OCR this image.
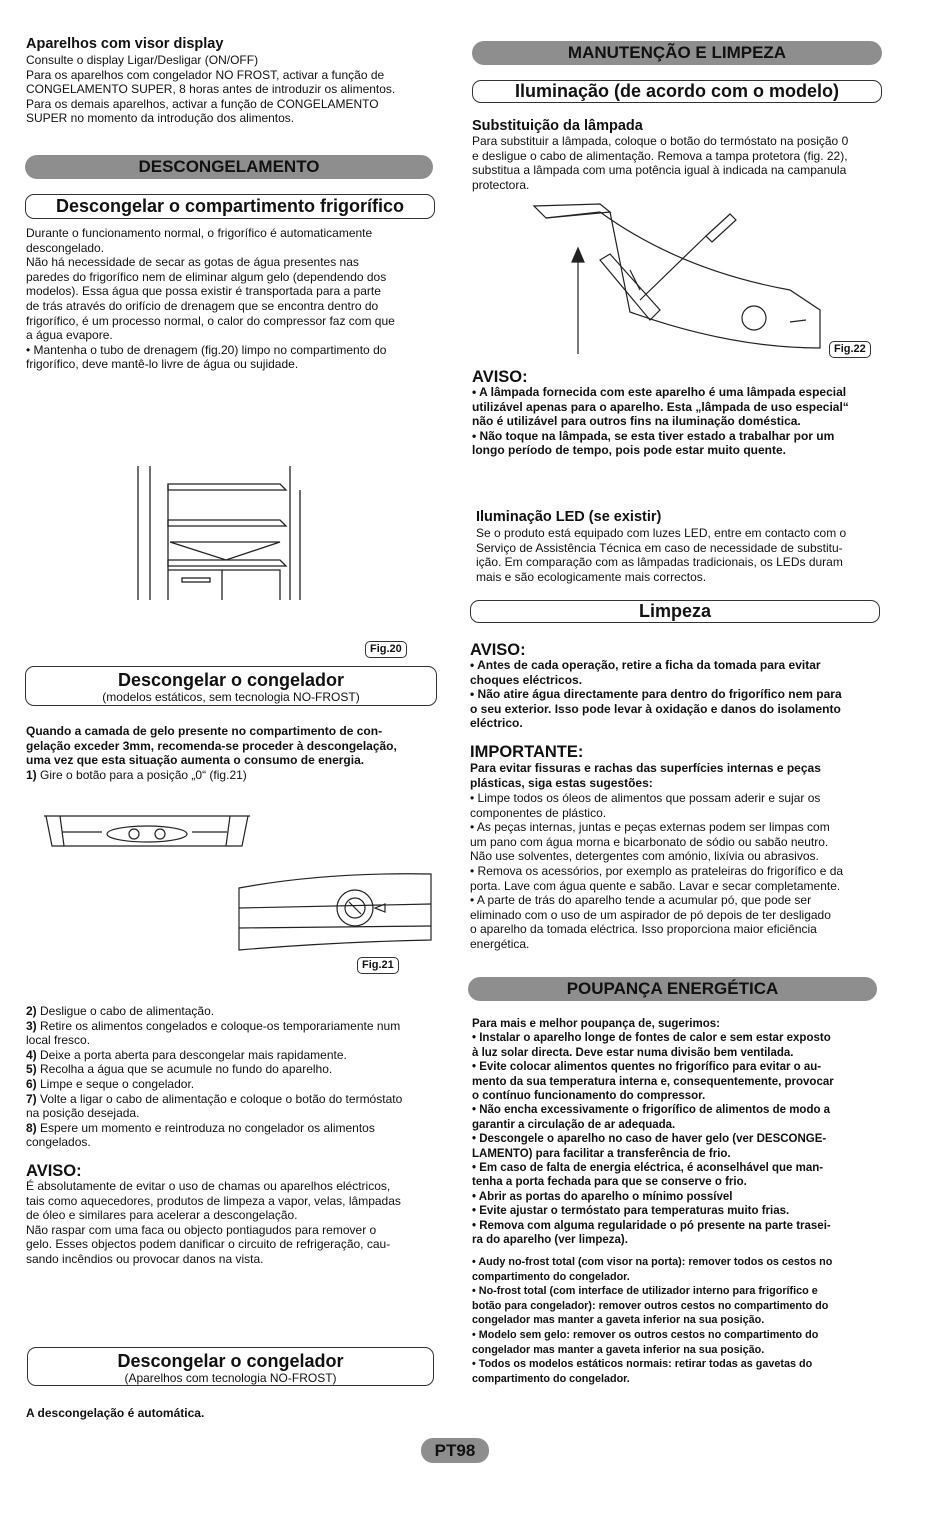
Aparelhos com visor display
Consulte o display Ligar/Desligar (ON/OFF)
Para os aparelhos com congelador NO FROST, activar a função de
CONGELAMENTO SUPER, 8 horas antes de introduzir os alimentos.
Para os demais aparelhos, activar a função de CONGELAMENTO
SUPER no momento da introdução dos alimentos.
DESCONGELAMENTO
Descongelar o compartimento frigorífico
Durante o funcionamento normal, o frigorífico é automaticamente
descongelado.
Não há necessidade de secar as gotas de água presentes nas
paredes do frigorífico nem de eliminar algum gelo (dependendo dos
modelos). Essa água que possa existir é transportada para a parte
de trás através do orifício de drenagem que se encontra dentro do
frigorífico, é um processo normal, o calor do compressor faz com que
a água evapore.
• Mantenha o tubo de drenagem (fig.20) limpo no compartimento do
frigorífico, deve mantê-lo livre de água ou sujidade.
Fig.20
Descongelar o congelador
(modelos estáticos, sem tecnologia NO-FROST)
Quando a camada de gelo presente no compartimento de con-
gelação exceder 3mm, recomenda-se proceder à descongelação,
uma vez que esta situação aumenta o consumo de energia.
1) Gire o botão para a posição „0“ (fig.21)
Fig.21
2) Desligue o cabo de alimentação.
3) Retire os alimentos congelados e coloque-os temporariamente num
local fresco.
4) Deixe a porta aberta para descongelar mais rapidamente.
5) Recolha a água que se acumule no fundo do aparelho.
6) Limpe e seque o congelador.
7) Volte a ligar o cabo de alimentação e coloque o botão do termóstato
na posição desejada.
8) Espere um momento e reintroduza no congelador os alimentos
congelados.
AVISO:
É absolutamente de evitar o uso de chamas ou aparelhos eléctricos,
tais como aquecedores, produtos de limpeza a vapor, velas, lâmpadas
de óleo e similares para acelerar a descongelação.
Não raspar com uma faca ou objecto pontiagudos para remover o
gelo. Esses objectos podem danificar o circuito de refrigeração, cau-
sando incêndios ou provocar danos na vista.
Descongelar o congelador
(Aparelhos com tecnologia NO-FROST)
A descongelação é automática.
MANUTENÇÃO E LIMPEZA
Iluminação (de acordo com o modelo)
Substituição da lâmpada
Para substituir a lâmpada, coloque o botão do termóstato na posição 0
e desligue o cabo de alimentação. Remova a tampa protetora (fig. 22),
substitua a lâmpada com uma potência igual à indicada na campanula
protectora.
Fig.22
AVISO:
• A lâmpada fornecida com este aparelho é uma lâmpada especial
utilizável apenas para o aparelho. Esta „lâmpada de uso especial“
não é utilizável para outros fins na iluminação doméstica.
• Não toque na lâmpada, se esta tiver estado a trabalhar por um
longo período de tempo, pois pode estar muito quente.
Iluminação LED (se existir)
Se o produto está equipado com luzes LED, entre em contacto com o
Serviço de Assistência Técnica em caso de necessidade de substitu-
ição. Em comparação com as lâmpadas tradicionais, os LEDs duram
mais e são ecologicamente mais correctos.
Limpeza
AVISO:
• Antes de cada operação, retire a ficha da tomada para evitar
choques eléctricos.
• Não atire água directamente para dentro do frigorífico nem para
o seu exterior. Isso pode levar à oxidação e danos do isolamento
eléctrico.
IMPORTANTE:
Para evitar fissuras e rachas das superfícies internas e peças
plásticas, siga estas sugestões:
• Limpe todos os óleos de alimentos que possam aderir e sujar os
componentes de plástico.
• As peças internas, juntas e peças externas podem ser limpas com
um pano com água morna e bicarbonato de sódio ou sabão neutro.
Não use solventes, detergentes com amónio, lixívia ou abrasivos.
• Remova os acessórios, por exemplo as prateleiras do frigorífico e da
porta. Lave com água quente e sabão. Lavar e secar completamente.
• A parte de trás do aparelho tende a acumular pó, que pode ser
eliminado com o uso de um aspirador de pó depois de ter desligado
o aparelho da tomada eléctrica. Isso proporciona maior eficiência
energética.
POUPANÇA ENERGÉTICA
Para mais e melhor poupança de, sugerimos:
• Instalar o aparelho longe de fontes de calor e sem estar exposto
à luz solar directa. Deve estar numa divisão bem ventilada.
• Evite colocar alimentos quentes no frigorífico para evitar o au-
mento da sua temperatura interna e, consequentemente, provocar
o contínuo funcionamento do compressor.
• Não encha excessivamente o frigorífico de alimentos de modo a
garantir a circulação de ar adequada.
• Descongele o aparelho no caso de haver gelo (ver DESCONGE-
LAMENTO) para facilitar a transferência de frio.
• Em caso de falta de energia eléctrica, é aconselhável que man-
tenha a porta fechada para que se conserve o frio.
• Abrir as portas do aparelho o mínimo possível
• Evite ajustar o termóstato para temperaturas muito frias.
• Remova com alguma regularidade o pó presente na parte trasei-
ra do aparelho (ver limpeza).
• Audy no-frost total (com visor na porta): remover todos os cestos no
compartimento do congelador.
• No-frost total (com interface de utilizador interno para frigorífico e
botão para congelador): remover outros cestos no compartimento do
congelador mas manter a gaveta inferior na sua posição.
• Modelo sem gelo: remover os outros cestos no compartimento do
congelador mas manter a gaveta inferior na sua posição.
• Todos os modelos estáticos normais: retirar todas as gavetas do
compartimento do congelador.
PT98
